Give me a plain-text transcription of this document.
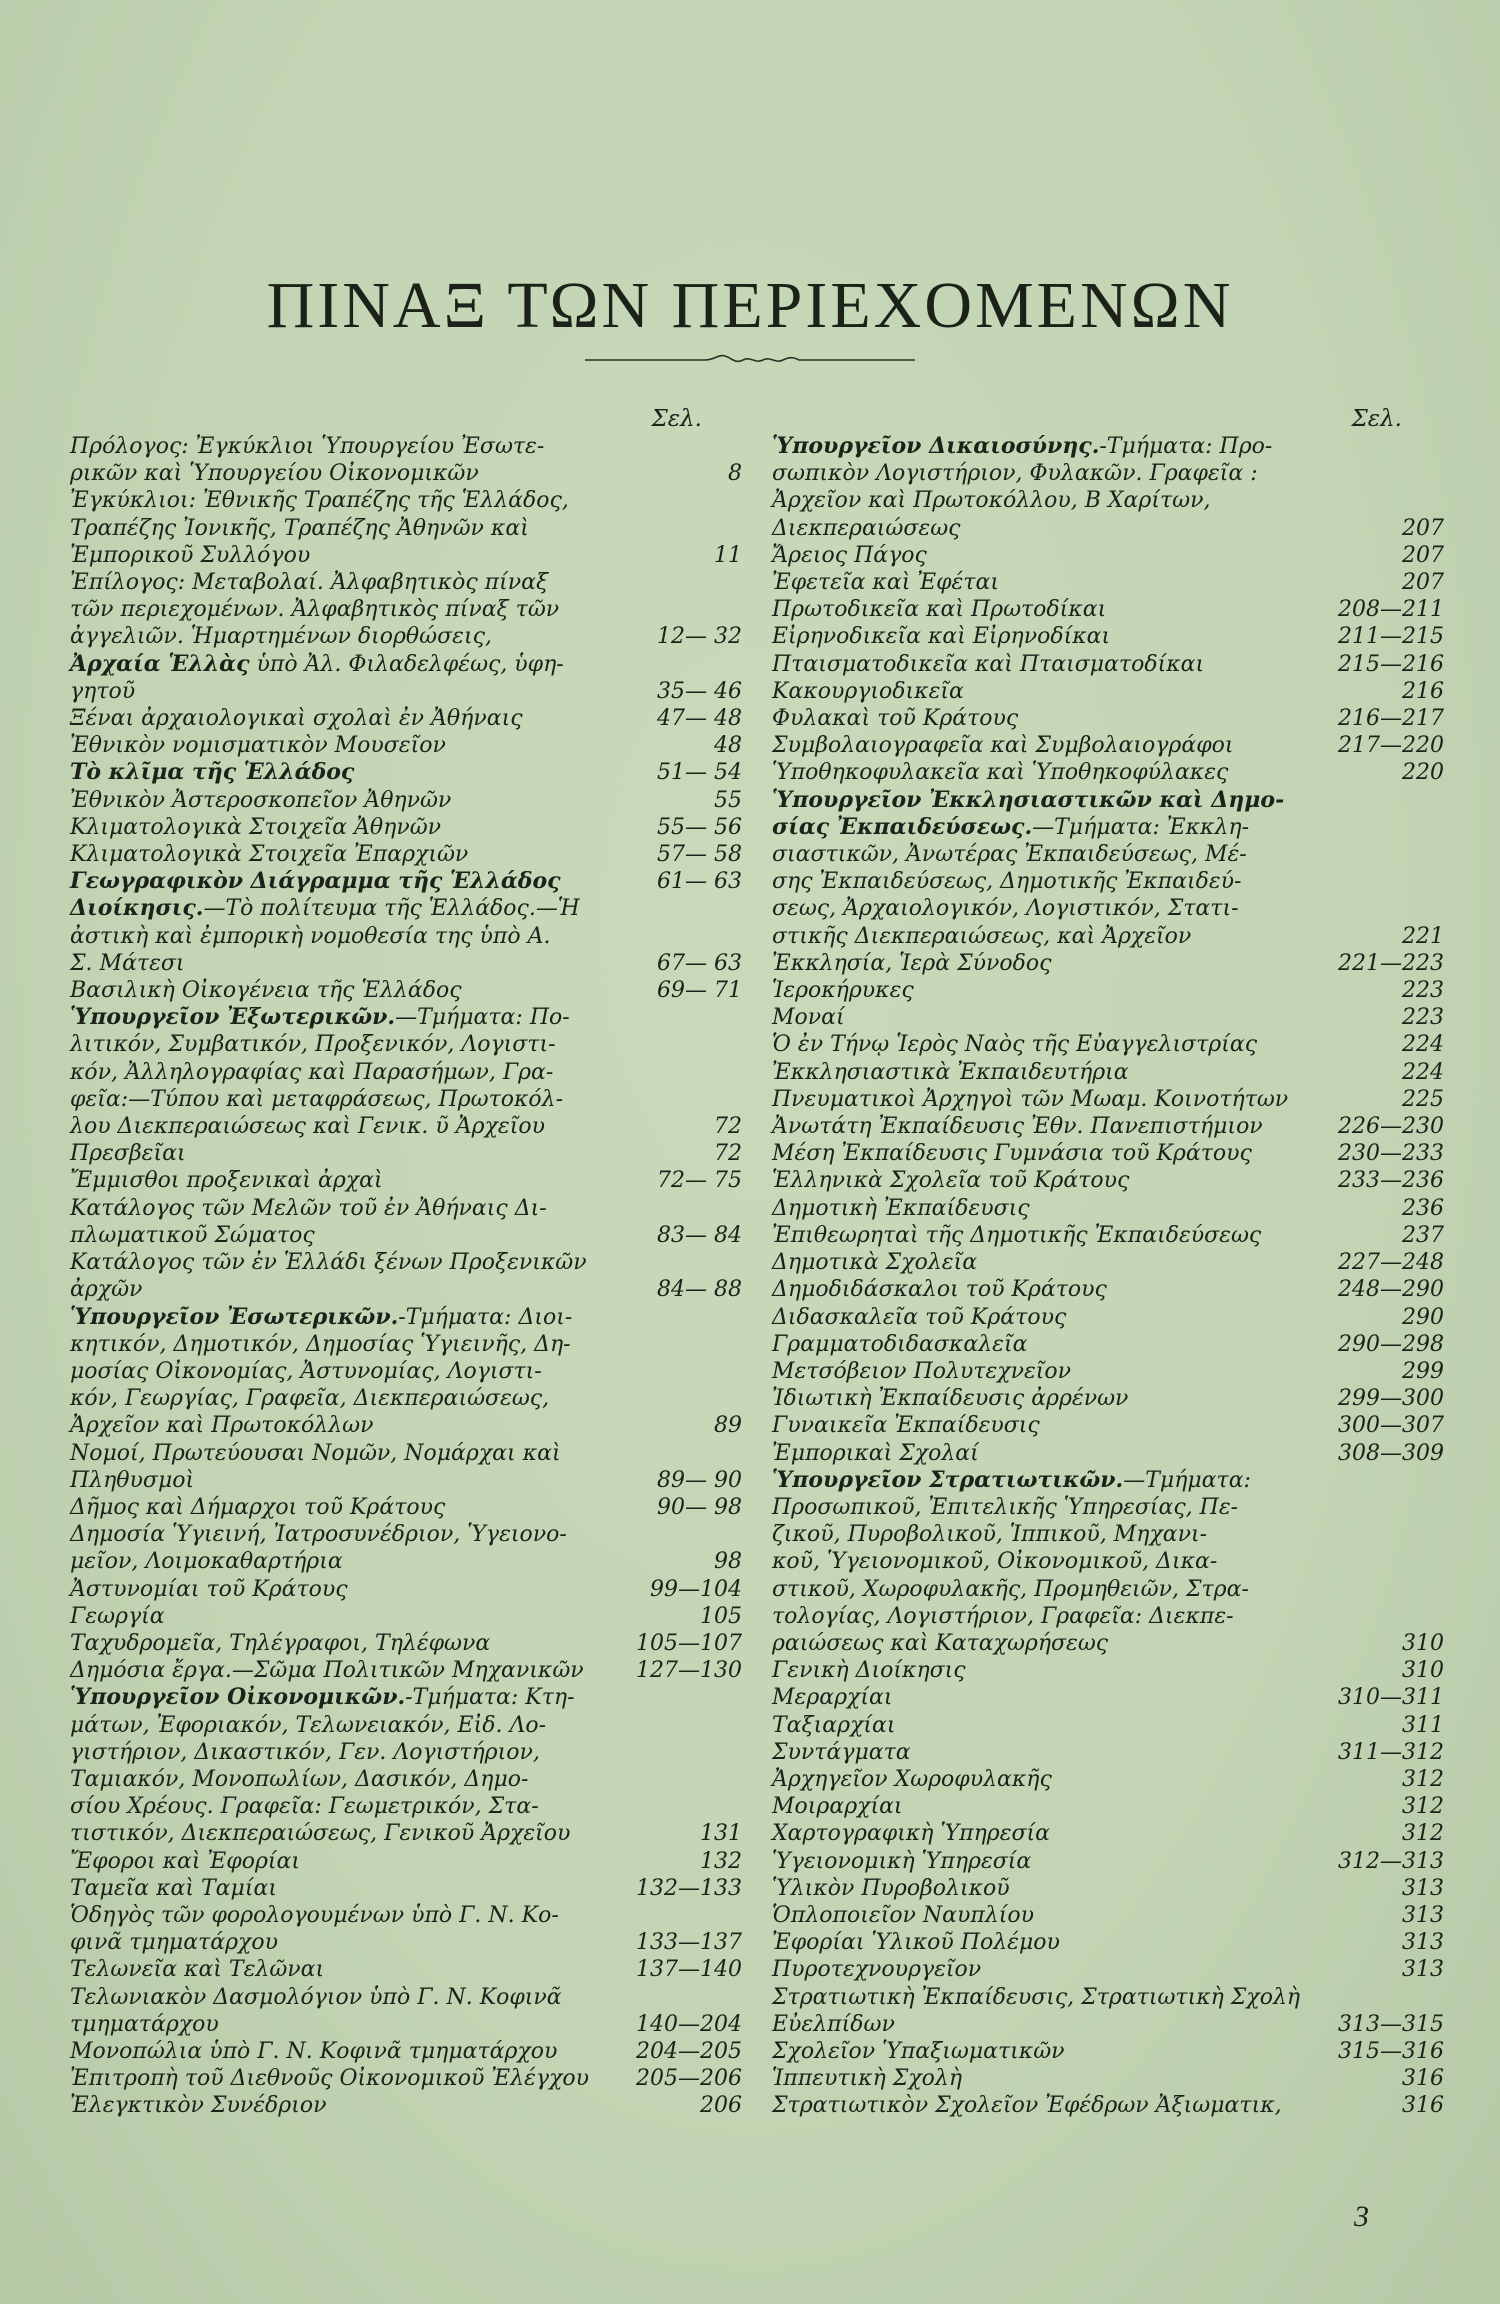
ΠΙΝΑΞ ΤΩΝ ΠΕΡΙΕΧΟΜΕΝΩΝ
Σελ.
Πρόλογος: Ἐγκύκλιοι Ὑπουργείου Ἐσωτε-
ρικῶν καὶ Ὑπουργείου Οἰκονομικῶν	8
Ἐγκύκλιοι: Ἐθνικῆς Τραπέζης τῆς Ἑλλάδος,
Τραπέζης Ἰονικῆς, Τραπέζης Ἀθηνῶν καὶ
Ἐμπορικοῦ Συλλόγου	11
Ἐπίλογος: Μεταβολαί. Ἀλφαβητικὸς πίναξ
τῶν περιεχομένων. Ἀλφαβητικὸς πίναξ τῶν
ἀγγελιῶν. Ἡμαρτημένων διορθώσεις,	12— 32
Ἀρχαία Ἑλλὰς ὑπὸ Ἀλ. Φιλαδελφέως, ὑφη-
γητοῦ	35— 46
Ξέναι ἀρχαιολογικαὶ σχολαὶ ἐν Ἀθήναις	47— 48
Ἐθνικὸν νομισματικὸν Μουσεῖον	48
Τὸ κλῖμα τῆς Ἑλλάδος	51— 54
Ἐθνικὸν Ἀστεροσκοπεῖον Ἀθηνῶν	55
Κλιματολογικὰ Στοιχεῖα Ἀθηνῶν	55— 56
Κλιματολογικὰ Στοιχεῖα Ἐπαρχιῶν	57— 58
Γεωγραφικὸν Διάγραμμα τῆς Ἑλλάδος	61— 63
Διοίκησις.—Τὸ πολίτευμα τῆς Ἑλλάδος.—Ἡ
ἀστικὴ καὶ ἐμπορικὴ νομοθεσία της ὑπὸ Α.
Σ. Μάτεσι	67— 63
Βασιλικὴ Οἰκογένεια τῆς Ἑλλάδος	69— 71
Ὑπουργεῖον Ἐξωτερικῶν.—Τμήματα: Πο-
λιτικόν, Συμβατικόν, Προξενικόν, Λογιστι-
κόν, Ἀλληλογραφίας καὶ Παρασήμων, Γρα-
φεῖα:—Τύπου καὶ μεταφράσεως, Πρωτοκόλ-
λου Διεκπεραιώσεως καὶ Γενικ. ῦ Ἀρχεῖου	72
Πρεσβεῖαι	72
Ἔμμισθοι προξενικαὶ ἀρχαὶ	72— 75
Κατάλογος τῶν Μελῶν τοῦ ἐν Ἀθήναις Δι-
πλωματικοῦ Σώματος	83— 84
Κατάλογος τῶν ἐν Ἑλλάδι ξένων Προξενικῶν
ἀρχῶν	84— 88
Ὑπουργεῖον Ἐσωτερικῶν.-Τμήματα: Διοι-
κητικόν, Δημοτικόν, Δημοσίας Ὑγιεινῆς, Δη-
μοσίας Οἰκονομίας, Ἀστυνομίας, Λογιστι-
κόν, Γεωργίας, Γραφεῖα, Διεκπεραιώσεως,
Ἀρχεῖον καὶ Πρωτοκόλλων	89
Νομοί, Πρωτεύουσαι Νομῶν, Νομάρχαι καὶ
Πληθυσμοὶ	89— 90
Δῆμος καὶ Δήμαρχοι τοῦ Κράτους	90— 98
Δημοσία Ὑγιεινή, Ἰατροσυνέδριον, Ὑγειονο-
μεῖον, Λοιμοκαθαρτήρια	98
Ἀστυνομίαι τοῦ Κράτους	99—104
Γεωργία	105
Ταχυδρομεῖα, Τηλέγραφοι, Τηλέφωνα	105—107
Δημόσια ἔργα.—Σῶμα Πολιτικῶν Μηχανικῶν	127—130
Ὑπουργεῖον Οἰκονομικῶν.-Τμήματα: Κτη-
μάτων, Ἐφοριακόν, Τελωνειακόν, Εἰδ. Λο-
γιστήριον, Δικαστικόν, Γεν. Λογιστήριον,
Ταμιακόν, Μονοπωλίων, Δασικόν, Δημο-
σίου Χρέους. Γραφεῖα: Γεωμετρικόν, Στα-
τιστικόν, Διεκπεραιώσεως, Γενικοῦ Ἀρχεῖου	131
Ἔφοροι καὶ Ἐφορίαι	132
Ταμεῖα καὶ Ταμίαι	132—133
Ὁδηγὸς τῶν φορολογουμένων ὑπὸ Γ. Ν. Κο-
φινᾶ τμηματάρχου	133—137
Τελωνεῖα καὶ Τελῶναι	137—140
Τελωνιακὸν Δασμολόγιον ὑπὸ Γ. Ν. Κοφινᾶ
τμηματάρχου	140—204
Μονοπώλια ὑπὸ Γ. Ν. Κοφινᾶ τμηματάρχου	204—205
Ἐπιτροπὴ τοῦ Διεθνοῦς Οἰκονομικοῦ Ἐλέγχου	205—206
Ἐλεγκτικὸν Συνέδριον	206
Σελ.
Ὑπουργεῖον Δικαιοσύνης.-Τμήματα: Προ-
σωπικὸν Λογιστήριον, Φυλακῶν. Γραφεῖα :
Ἀρχεῖον καὶ Πρωτοκόλλου, Β Χαρίτων,
Διεκπεραιώσεως	207
Ἄρειος Πάγος	207
Ἐφετεῖα καὶ Ἐφέται	207
Πρωτοδικεῖα καὶ Πρωτοδίκαι	208—211
Εἰρηνοδικεῖα καὶ Εἰρηνοδίκαι	211—215
Πταισματοδικεῖα καὶ Πταισματοδίκαι	215—216
Κακουργιοδικεῖα	216
Φυλακαὶ τοῦ Κράτους	216—217
Συμβολαιογραφεῖα καὶ Συμβολαιογράφοι	217—220
Ὑποθηκοφυλακεῖα καὶ Ὑποθηκοφύλακες	220
Ὑπουργεῖον Ἐκκλησιαστικῶν καὶ Δημο-
σίας Ἐκπαιδεύσεως.—Τμήματα: Ἐκκλη-
σιαστικῶν, Ἀνωτέρας Ἐκπαιδεύσεως, Μέ-
σης Ἐκπαιδεύσεως, Δημοτικῆς Ἐκπαιδεύ-
σεως, Ἀρχαιολογικόν, Λογιστικόν, Στατι-
στικῆς Διεκπεραιώσεως, καὶ Ἀρχεῖον	221
Ἐκκλησία, Ἱερὰ Σύνοδος	221—223
Ἱεροκήρυκες	223
Μοναί	223
Ὁ ἐν Τήνῳ Ἱερὸς Ναὸς τῆς Εὐαγγελιστρίας	224
Ἐκκλησιαστικὰ Ἐκπαιδευτήρια	224
Πνευματικοὶ Ἀρχηγοὶ τῶν Μωαμ. Κοινοτήτων	225
Ἀνωτάτη Ἐκπαίδευσις Ἐθν. Πανεπιστήμιον	226—230
Μέση Ἐκπαίδευσις Γυμνάσια τοῦ Κράτους	230—233
Ἑλληνικὰ Σχολεῖα τοῦ Κράτους	233—236
Δημοτικὴ Ἐκπαίδευσις	236
Ἐπιθεωρηταὶ τῆς Δημοτικῆς Ἐκπαιδεύσεως	237
Δημοτικὰ Σχολεῖα	227—248
Δημοδιδάσκαλοι τοῦ Κράτους	248—290
Διδασκαλεῖα τοῦ Κράτους	290
Γραμματοδιδασκαλεῖα	290—298
Μετσόβειον Πολυτεχνεῖον	299
Ἰδιωτικὴ Ἐκπαίδευσις ἀρρένων	299—300
Γυναικεῖα Ἐκπαίδευσις	300—307
Ἐμπορικαὶ Σχολαί	308—309
Ὑπουργεῖον Στρατιωτικῶν.—Τμήματα:
Προσωπικοῦ, Ἐπιτελικῆς Ὑπηρεσίας, Πε-
ζικοῦ, Πυροβολικοῦ, Ἱππικοῦ, Μηχανι-
κοῦ, Ὑγειονομικοῦ, Οἰκονομικοῦ, Δικα-
στικοῦ, Χωροφυλακῆς, Προμηθειῶν, Στρα-
τολογίας, Λογιστήριον, Γραφεῖα: Διεκπε-
ραιώσεως καὶ Καταχωρήσεως	310
Γενικὴ Διοίκησις	310
Μεραρχίαι	310—311
Ταξιαρχίαι	311
Συντάγματα	311—312
Ἀρχηγεῖον Χωροφυλακῆς	312
Μοιραρχίαι	312
Χαρτογραφικὴ Ὑπηρεσία	312
Ὑγειονομικὴ Ὑπηρεσία	312—313
Ὑλικὸν Πυροβολικοῦ	313
Ὁπλοποιεῖον Ναυπλίου	313
Ἐφορίαι Ὑλικοῦ Πολέμου	313
Πυροτεχνουργεῖον	313
Στρατιωτικὴ Ἐκπαίδευσις, Στρατιωτικὴ Σχολὴ
Εὐελπίδων	313—315
Σχολεῖον Ὑπαξιωματικῶν	315—316
Ἱππευτικὴ Σχολὴ	316
Στρατιωτικὸν Σχολεῖον Ἐφέδρων Ἀξιωματικ,	316
3
